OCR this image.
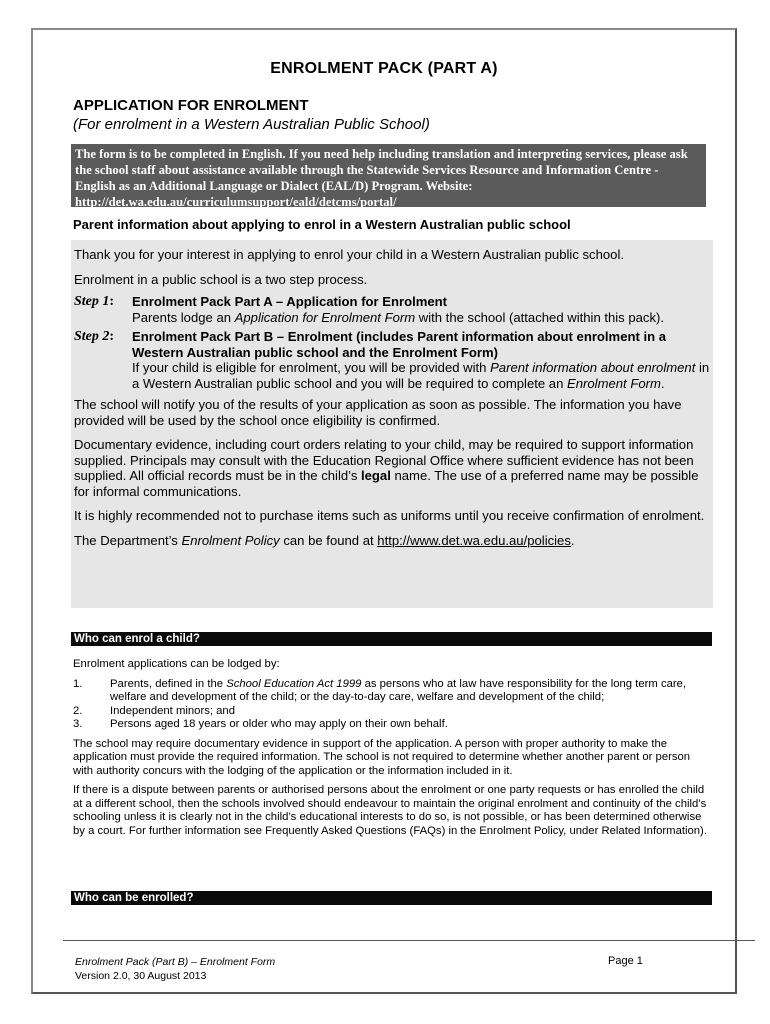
ENROLMENT PACK (PART A)
APPLICATION FOR ENROLMENT
(For enrolment in a Western Australian Public School)
The form is to be completed in English. If you need help including translation and interpreting services, please ask the school staff about assistance available through the Statewide Services Resource and Information Centre - English as an Additional Language or Dialect (EAL/D) Program. Website: http://det.wa.edu.au/curriculumsupport/eald/detcms/portal/
Parent information about applying to enrol in a Western Australian public school

Thank you for your interest in applying to enrol your child in a Western Australian public school.

Enrolment in a public school is a two step process.

Step 1:	Enrolment Pack Part A – Application for Enrolment
Parents lodge an Application for Enrolment Form with the school (attached within this pack).
Step 2:	Enrolment Pack Part B – Enrolment (includes Parent information about enrolment in a Western Australian public school and the Enrolment Form)
If your child is eligible for enrolment, you will be provided with Parent information about enrolment in a Western Australian public school and you will be required to complete an Enrolment Form.

The school will notify you of the results of your application as soon as possible. The information you have provided will be used by the school once eligibility is confirmed.

Documentary evidence, including court orders relating to your child, may be required to support information supplied. Principals may consult with the Education Regional Office where sufficient evidence has not been supplied. All official records must be in the child’s legal name. The use of a preferred name may be possible for informal communications.

It is highly recommended not to purchase items such as uniforms until you receive confirmation of enrolment.

The Department’s Enrolment Policy can be found at http://www.det.wa.edu.au/policies.

Who can enrol a child?

Enrolment applications can be lodged by:

1.	Parents, defined in the School Education Act 1999 as persons who at law have responsibility for the long term care, welfare and development of the child; or the day-to-day care, welfare and development of the child;
2.	Independent minors; and
3.	Persons aged 18 years or older who may apply on their own behalf.

The school may require documentary evidence in support of the application. A person with proper authority to make the application must provide the required information. The school is not required to determine whether another parent or person with authority concurs with the lodging of the application or the information included in it.

If there is a dispute between parents or authorised persons about the enrolment or one party requests or has enrolled the child at a different school, then the schools involved should endeavour to maintain the original enrolment and continuity of the child’s schooling unless it is clearly not in the child’s educational interests to do so, is not possible, or has been determined otherwise by a court. For further information see Frequently Asked Questions (FAQs) in the Enrolment Policy, under Related Information).

Who can be enrolled?
Enrolment Pack (Part B) – Enrolment Form
Version 2.0, 30 August 2013
Page 1
